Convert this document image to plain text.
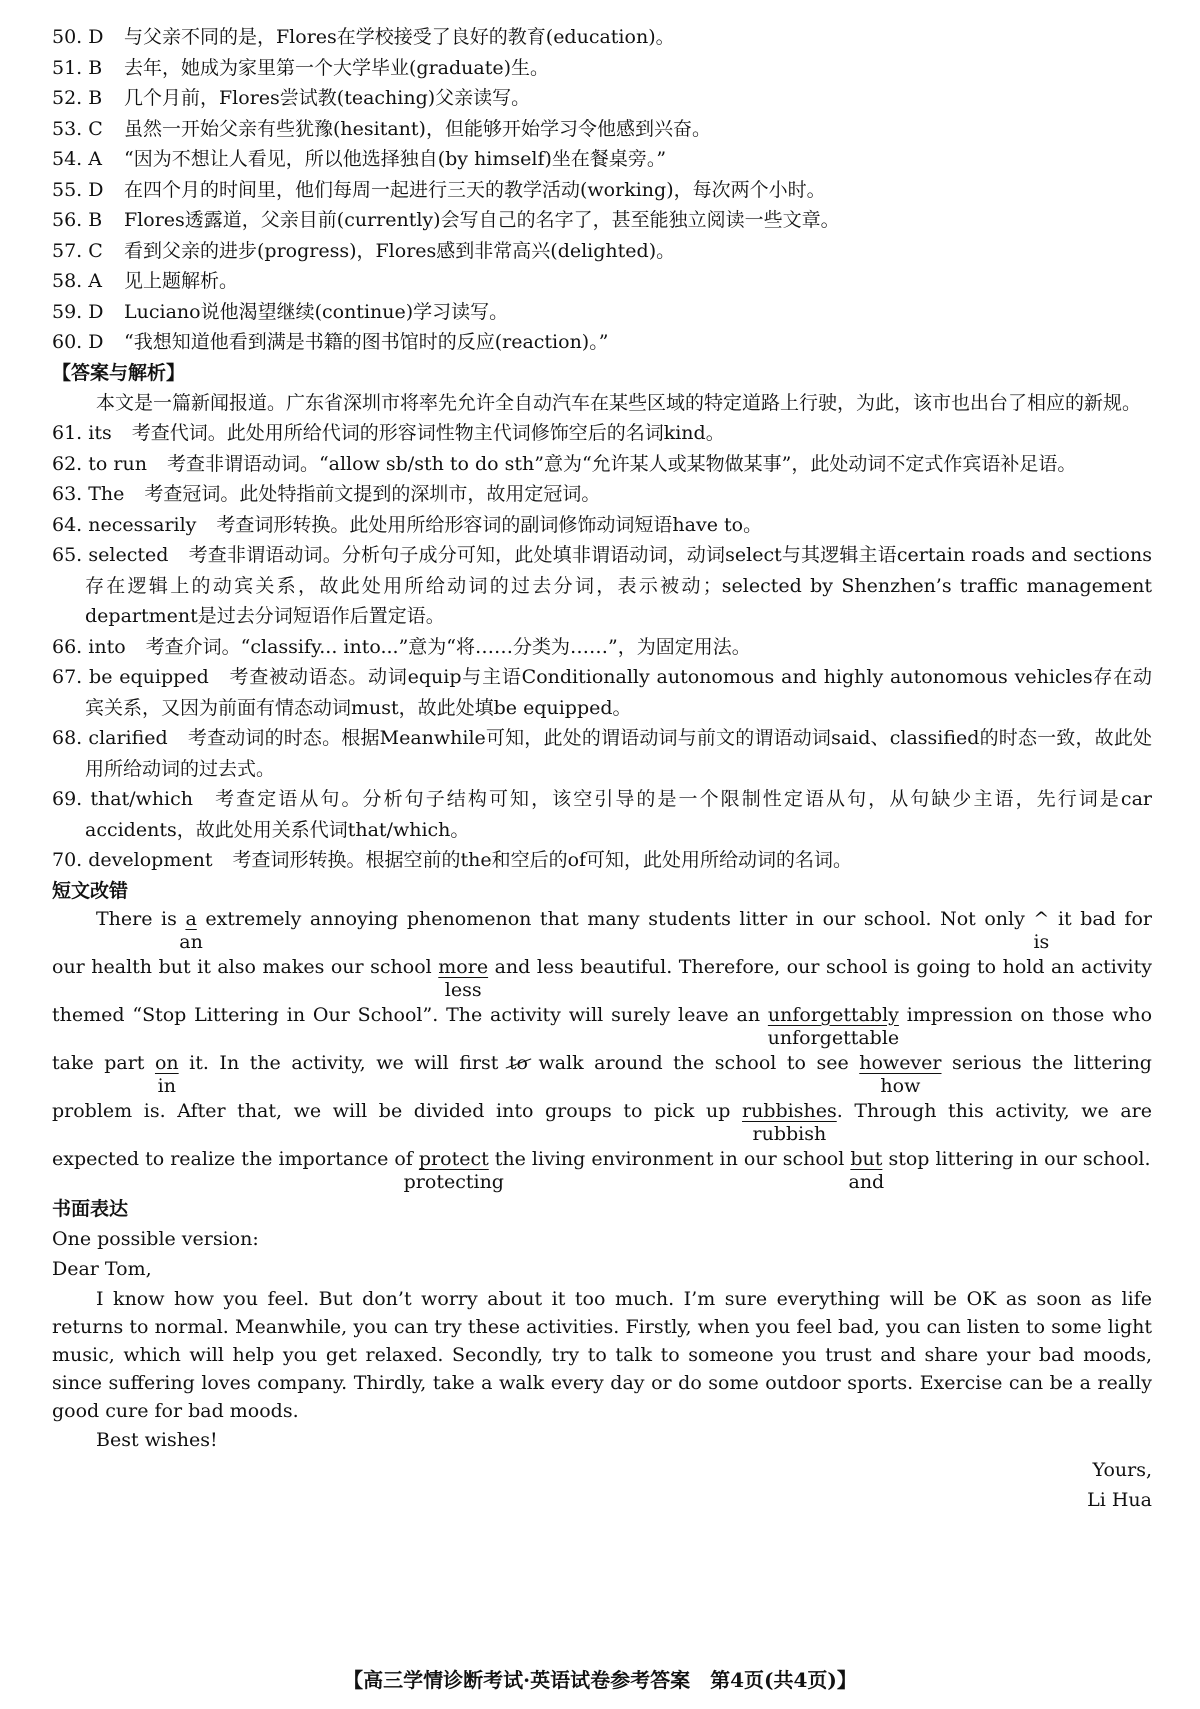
50. D	与父亲不同的是，Flores在学校接受了良好的教育(education)。
51. B	去年，她成为家里第一个大学毕业(graduate)生。
52. B	几个月前，Flores尝试教(teaching)父亲读写。
53. C	虽然一开始父亲有些犹豫(hesitant)，但能够开始学习令他感到兴奋。
54. A	“因为不想让人看见，所以他选择独自(by himself)坐在餐桌旁。”
55. D	在四个月的时间里，他们每周一起进行三天的教学活动(working)，每次两个小时。
56. B	Flores透露道，父亲目前(currently)会写自己的名字了，甚至能独立阅读一些文章。
57. C	看到父亲的进步(progress)，Flores感到非常高兴(delighted)。
58. A	见上题解析。
59. D	Luciano说他渴望继续(continue)学习读写。
60. D	“我想知道他看到满是书籍的图书馆时的反应(reaction)。”
【答案与解析】
本文是一篇新闻报道。广东省深圳市将率先允许全自动汽车在某些区域的特定道路上行驶，为此，该市也出台了相应的新规。
61. its 考查代词。此处用所给代词的形容词性物主代词修饰空后的名词kind。
62. to run 考查非谓语动词。“allow sb/sth to do sth”意为“允许某人或某物做某事”，此处动词不定式作宾语补足语。
63. The 考查冠词。此处特指前文提到的深圳市，故用定冠词。
64. necessarily 考查词形转换。此处用所给形容词的副词修饰动词短语have to。
65. selected 考查非谓语动词。分析句子成分可知，此处填非谓语动词，动词select与其逻辑主语certain roads and sections存在逻辑上的动宾关系，故此处用所给动词的过去分词，表示被动；selected by Shenzhen’s traffic management department是过去分词短语作后置定语。
66. into 考查介词。“classify... into...”意为“将……分类为……”，为固定用法。
67. be equipped 考查被动语态。动词equip与主语Conditionally autonomous and highly autonomous vehicles存在动宾关系，又因为前面有情态动词must，故此处填be equipped。
68. clarified 考查动词的时态。根据Meanwhile可知，此处的谓语动词与前文的谓语动词said、classified的时态一致，故此处用所给动词的过去式。
69. that/which 考查定语从句。分析句子结构可知，该空引导的是一个限制性定语从句，从句缺少主语，先行词是car accidents，故此处用关系代词that/which。
70. development 考查词形转换。根据空前的the和空后的of可知，此处用所给动词的名词。
短文改错
There is a
an
extremely annoying phenomenon that many students litter in our school. Not only ^
is
it bad for
our health but it also makes our school more
less
and less beautiful. Therefore, our school is going to hold an activity
themed “Stop Littering in Our School”. The activity will surely leave an unforgettably
unforgettable
impression on those who
take part on
in
it. In the activity, we will first to walk around the school to see however
how
serious the littering
problem is. After that, we will be divided into groups to pick up rubbishes
rubbish
. Through this activity, we are
expected to realize the importance of protect
protecting
the living environment in our school but
and
stop littering in our school.
书面表达
One possible version:
Dear Tom,
I know how you feel. But don’t worry about it too much. I’m sure everything will be OK as soon as life returns to normal. Meanwhile, you can try these activities. Firstly, when you feel bad, you can listen to some light music, which will help you get relaxed. Secondly, try to talk to someone you trust and share your bad moods, since suffering loves company. Thirdly, take a walk every day or do some outdoor sports. Exercise can be a really good cure for bad moods.
Best wishes!
Yours,
Li Hua
【高三学情诊断考试·英语试卷参考答案　第4页(共4页)】
